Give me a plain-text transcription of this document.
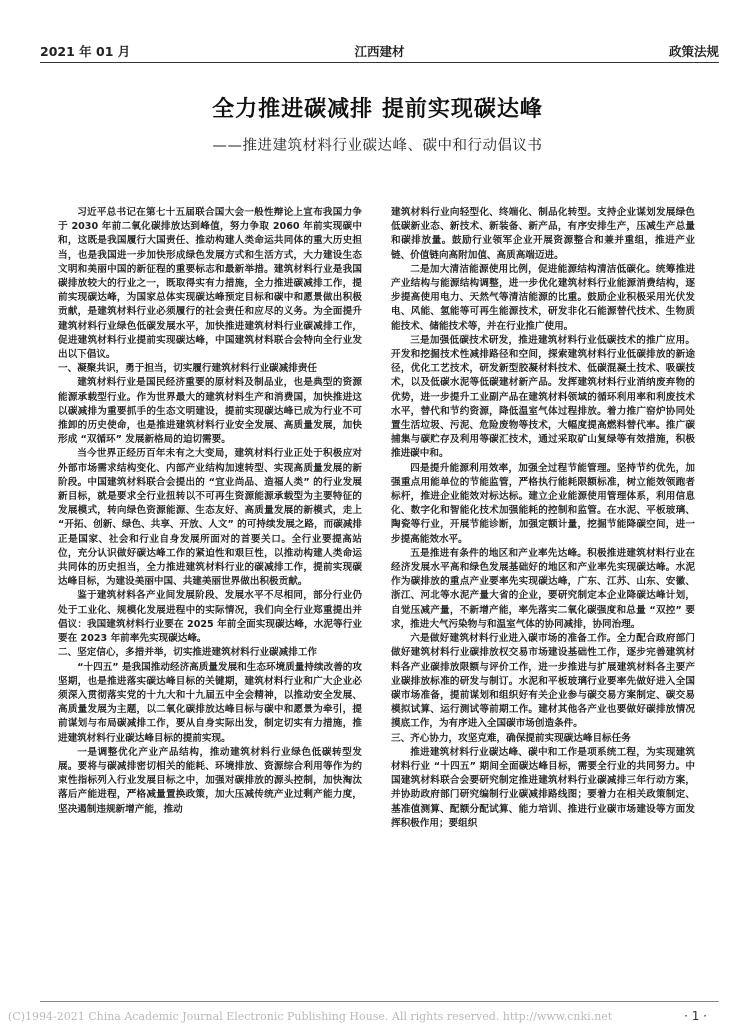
2021 年 01 月	江西建材	政策法规
全力推进碳减排 提前实现碳达峰
——推进建筑材料行业碳达峰、碳中和行动倡议书

习近平总书记在第七十五届联合国大会一般性辩论上宣布我国力争于 2030 年前二氧化碳排放达到峰值，努力争取 2060 年前实现碳中和，这既是我国履行大国责任、推动构建人类命运共同体的重大历史担当，也是我国进一步加快形成绿色发展方式和生活方式，大力建设生态文明和美丽中国的新征程的重要标志和最新举措。建筑材料行业是我国碳排放较大的行业之一，既取得实有力措施，全力推进碳减排工作，提前实现碳达峰，为国家总体实现碳达峰预定目标和碳中和愿景做出积极贡献，是建筑材料行业必须履行的社会责任和应尽的义务。为全面提升建筑材料行业绿色低碳发展水平，加快推进建筑材料行业碳减排工作，促进建筑材料行业提前实现碳达峰，中国建筑材料联合会特向全行业发出以下倡议。

一、凝聚共识，勇于担当，切实履行建筑材料行业碳减排责任

建筑材料行业是国民经济重要的原材料及制品业，也是典型的资源能源承载型行业。作为世界最大的建筑材料生产和消费国，加快推进这以碳减排为重要抓手的生态文明建设，提前实现碳达峰已成为行业不可推卸的历史使命，也是推进建筑材料行业安全发展、高质量发展，加快形成 “双循环” 发展新格局的迫切需要。

当今世界正经历百年未有之大变局，建筑材料行业正处于积极应对外部市场需求结构变化、内部产业结构加速转型、实现高质量发展的新阶段。中国建筑材料联合会提出的 “宜业尚品、造福人类” 的行业发展新目标，就是要求全行业扭转以不可再生资源能源承载型为主要特征的发展模式，转向绿色资源能源、生态友好、高质量发展的新模式，走上 “开拓、创新、绿色、共享、开放、人文” 的可持续发展之路，而碳减排正是国家、社会和行业自身发展所面对的首要关口。全行业要提高站位，充分认识做好碳达峰工作的紧迫性和艰巨性，以推动构建人类命运共同体的历史担当，全力推进建筑材料行业的碳减排工作，提前实现碳达峰目标，为建设美丽中国、共建美丽世界做出积极贡献。

鉴于建筑材料各产业间发展阶段、发展水平不尽相同，部分行业仍处于工业化、规模化发展进程中的实际情况，我们向全行业郑重提出并倡议：我国建筑材料行业要在 2025 年前全面实现碳达峰，水泥等行业要在 2023 年前率先实现碳达峰。

二、坚定信心，多措并举，切实推进建筑材料行业碳减排工作

“十四五” 是我国推动经济高质量发展和生态环境质量持续改善的攻坚期，也是推进落实碳达峰目标的关键期，建筑材料行业和广大企业必须深入贯彻落实党的十九大和十九届五中全会精神，以推动安全发展、高质量发展为主题，以二氧化碳排放达峰目标与碳中和愿景为牵引，提前谋划与布局碳减排工作，要从自身实际出发，制定切实有力措施，推进建筑材料行业碳达峰目标的提前实现。

一是调整优化产业产品结构，推动建筑材料行业绿色低碳转型发展。要将与碳减排密切相关的能耗、环境排放、资源综合利用等作为约束性指标列入行业发展目标之中，加强对碳排放的源头控制，加快淘汰落后产能进程，严格减量置换政策，加大压减传统产业过剩产能力度，坚决遏制违规新增产能，推动

建筑材料行业向轻型化、终端化、制品化转型。支持企业谋划发展绿色低碳新业态、新技术、新装备、新产品，有序安排生产，压减生产总量和碳排放量。鼓励行业领军企业开展资源整合和兼并重组，推进产业链、价值链向高附加值、高质高端迈进。

二是加大清洁能源使用比例，促进能源结构清洁低碳化。统筹推进产业结构与能源结构调整，进一步优化建筑材料行业能源消费结构，逐步提高使用电力、天然气等清洁能源的比重。鼓励企业积极采用光伏发电、风能、氢能等可再生能源技术，研发非化石能源替代技术、生物质能技术、储能技术等，并在行业推广使用。

三是加强低碳技术研发，推进建筑材料行业低碳技术的推广应用。开发和挖掘技术性减排路径和空间，探索建筑材料行业低碳排放的新途径，优化工艺技术，研发新型胶凝材料技术、低碳混凝土技术、吸碳技术，以及低碳水泥等低碳建材新产品。发挥建筑材料行业消纳废弃物的优势，进一步提升工业副产品在建筑材料领域的循环利用率和利废技术水平，替代和节约资源，降低温室气体过程排放。着力推广窑炉协同处置生活垃圾、污泥、危险废物等技术，大幅度提高燃料替代率。推广碳捕集与碳贮存及利用等碳汇技术，通过采取矿山复绿等有效措施，积极推进碳中和。

四是提升能源利用效率，加强全过程节能管理。坚持节约优先，加强重点用能单位的节能监管，严格执行能耗限额标准，树立能效领跑者标杆，推进企业能效对标达标。建立企业能源使用管理体系，利用信息化、数字化和智能化技术加强能耗的控制和监管。在水泥、平板玻璃、陶瓷等行业，开展节能诊断，加强定额计量，挖掘节能降碳空间，进一步提高能效水平。

五是推进有条件的地区和产业率先达峰。积极推进建筑材料行业在经济发展水平高和绿色发展基础好的地区和产业率先实现碳达峰。水泥作为碳排放的重点产业要率先实现碳达峰，广东、江苏、山东、安徽、浙江、河北等水泥产量大省的企业，要研究制定本企业降碳达峰计划，自觉压减产量，不新增产能，率先落实二氧化碳强度和总量 “双控” 要求，推进大气污染物与和温室气体的协同减排，协同治理。

六是做好建筑材料行业进入碳市场的准备工作。全力配合政府部门做好建筑材料行业碳排放权交易市场建设基础性工作，逐步完善建筑材料各产业碳排放限额与评价工作，进一步推进与扩展建筑材料各主要产业碳排放标准的研发与制订。水泥和平板玻璃行业要率先做好进入全国碳市场准备，提前谋划和组织好有关企业参与碳交易方案制定、碳交易模拟试算、运行测试等前期工作。建材其他各产业也要做好碳排放情况摸底工作，为有序进入全国碳市场创造条件。

三、齐心协力，攻坚克难，确保提前实现碳达峰目标任务

推进建筑材料行业碳达峰、碳中和工作是项系统工程，为实现建筑材料行业 “十四五” 期间全面碳达峰目标，需要全行业的共同努力。中国建筑材料联合会要研究制定推进建筑材料行业碳减排三年行动方案，并协助政府部门研究编制行业碳减排路线图；要着力在相关政策制定、基准值测算、配额分配试算、能力培训、推进行业碳市场建设等方面发挥积极作用；要组织

(C)1994-2021 China Academic Journal Electronic Publishing House. All rights reserved. http://www.cnki.net	· 1 ·
